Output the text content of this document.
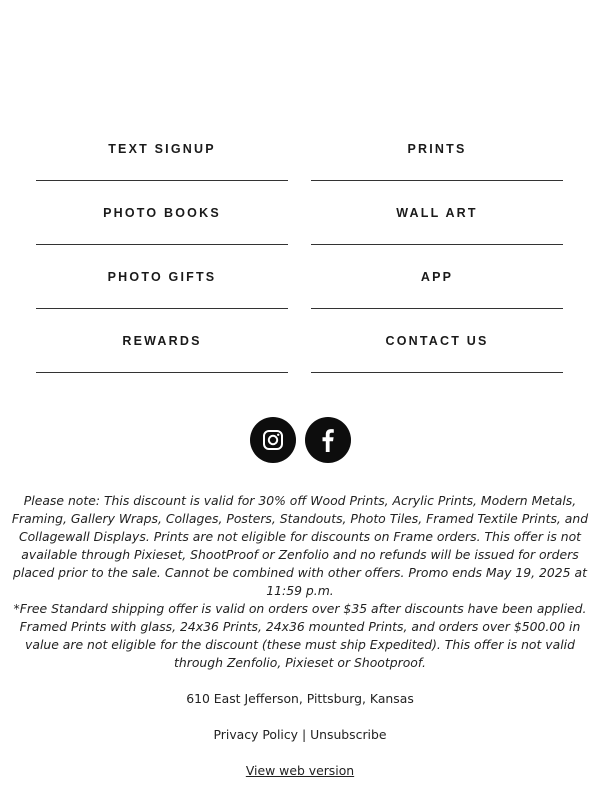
TEXT SIGNUP	PRINTS
PHOTO BOOKS	WALL ART
PHOTO GIFTS	APP
REWARDS	CONTACT US

Please note: This discount is valid for 30% off Wood Prints, Acrylic Prints, Modern Metals, Framing, Gallery Wraps, Collages, Posters, Standouts, Photo Tiles, Framed Textile Prints, and Collagewall Displays. Prints are not eligible for discounts on Frame orders. This offer is not available through Pixieset, ShootProof or Zenfolio and no refunds will be issued for orders placed prior to the sale. Cannot be combined with other offers. Promo ends May 19, 2025 at 11:59 p.m.

*Free Standard shipping offer is valid on orders over $35 after discounts have been applied. Framed Prints with glass, 24x36 Prints, 24x36 mounted Prints, and orders over $500.00 in value are not eligible for the discount (these must ship Expedited). This offer is not valid through Zenfolio, Pixieset or Shootproof.

610 East Jefferson, Pittsburg, Kansas
Privacy Policy | Unsubscribe
View web version
